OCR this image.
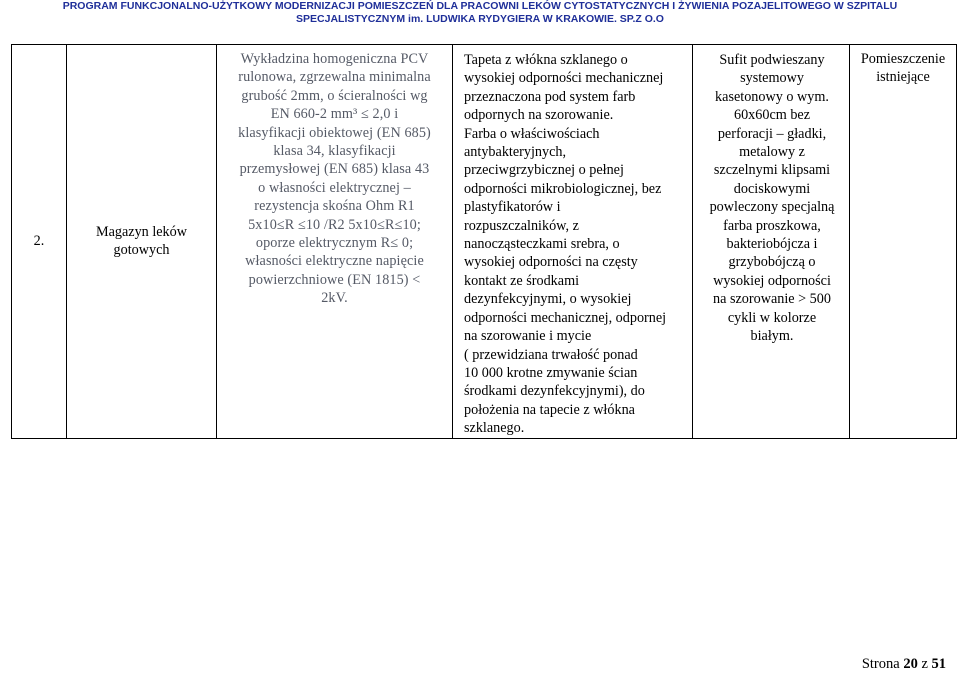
PROGRAM FUNKCJONALNO-UŻYTKOWY MODERNIZACJI POMIESZCZEŃ DLA PRACOWNI LEKÓW CYTOSTATYCZNYCH I ŻYWIENIA POZAJELITOWEGO W SZPITALU
SPECJALISTYCZNYM im. LUDWIKA RYDYGIERA W KRAKOWIE. SP.Z O.O
2.	
Magazyn leków gotowych

Wykładzina homogeniczna PCV
rulonowa, zgrzewalna minimalna
grubość 2mm, o ścieralności wg
EN 660-2 mm³ ≤ 2,0 i
klasyfikacji obiektowej (EN 685)
klasa 34, klasyfikacji
przemysłowej (EN 685) klasa 43
o własności elektrycznej –
rezystencja skośna Ohm R1
5x10≤R ≤10 /R2 5x10≤R≤10;
oporze elektrycznym R≤ 0;
własności elektryczne napięcie
powierzchniowe (EN 1815) <
2kV.

Tapeta z włókna szklanego o
wysokiej odporności mechanicznej
przeznaczona pod system farb
odpornych na szorowanie.
Farba o właściwościach
antybakteryjnych,
przeciwgrzybicznej o pełnej
odporności mikrobiologicznej, bez
plastyfikatorów i
rozpuszczalników, z
nanocząsteczkami srebra, o
wysokiej odporności na częsty
kontakt ze środkami
dezynfekcyjnymi, o wysokiej
odporności mechanicznej, odpornej
na szorowanie i mycie
( przewidziana trwałość ponad
10 000 krotne zmywanie ścian
środkami dezynfekcyjnymi), do
położenia na tapecie z włókna
szklanego.

Sufit podwieszany
systemowy
kasetonowy o wym.
60x60cm bez
perforacji – gładki,
metalowy z
szczelnymi klipsami
dociskowymi
powleczony specjalną
farba proszkowa,
bakteriobójcza i
grzybobójczą o
wysokiej odporności
na szorowanie > 500
cykli w kolorze
białym.

Pomieszczenie
istniejące
Strona 20 z 51
